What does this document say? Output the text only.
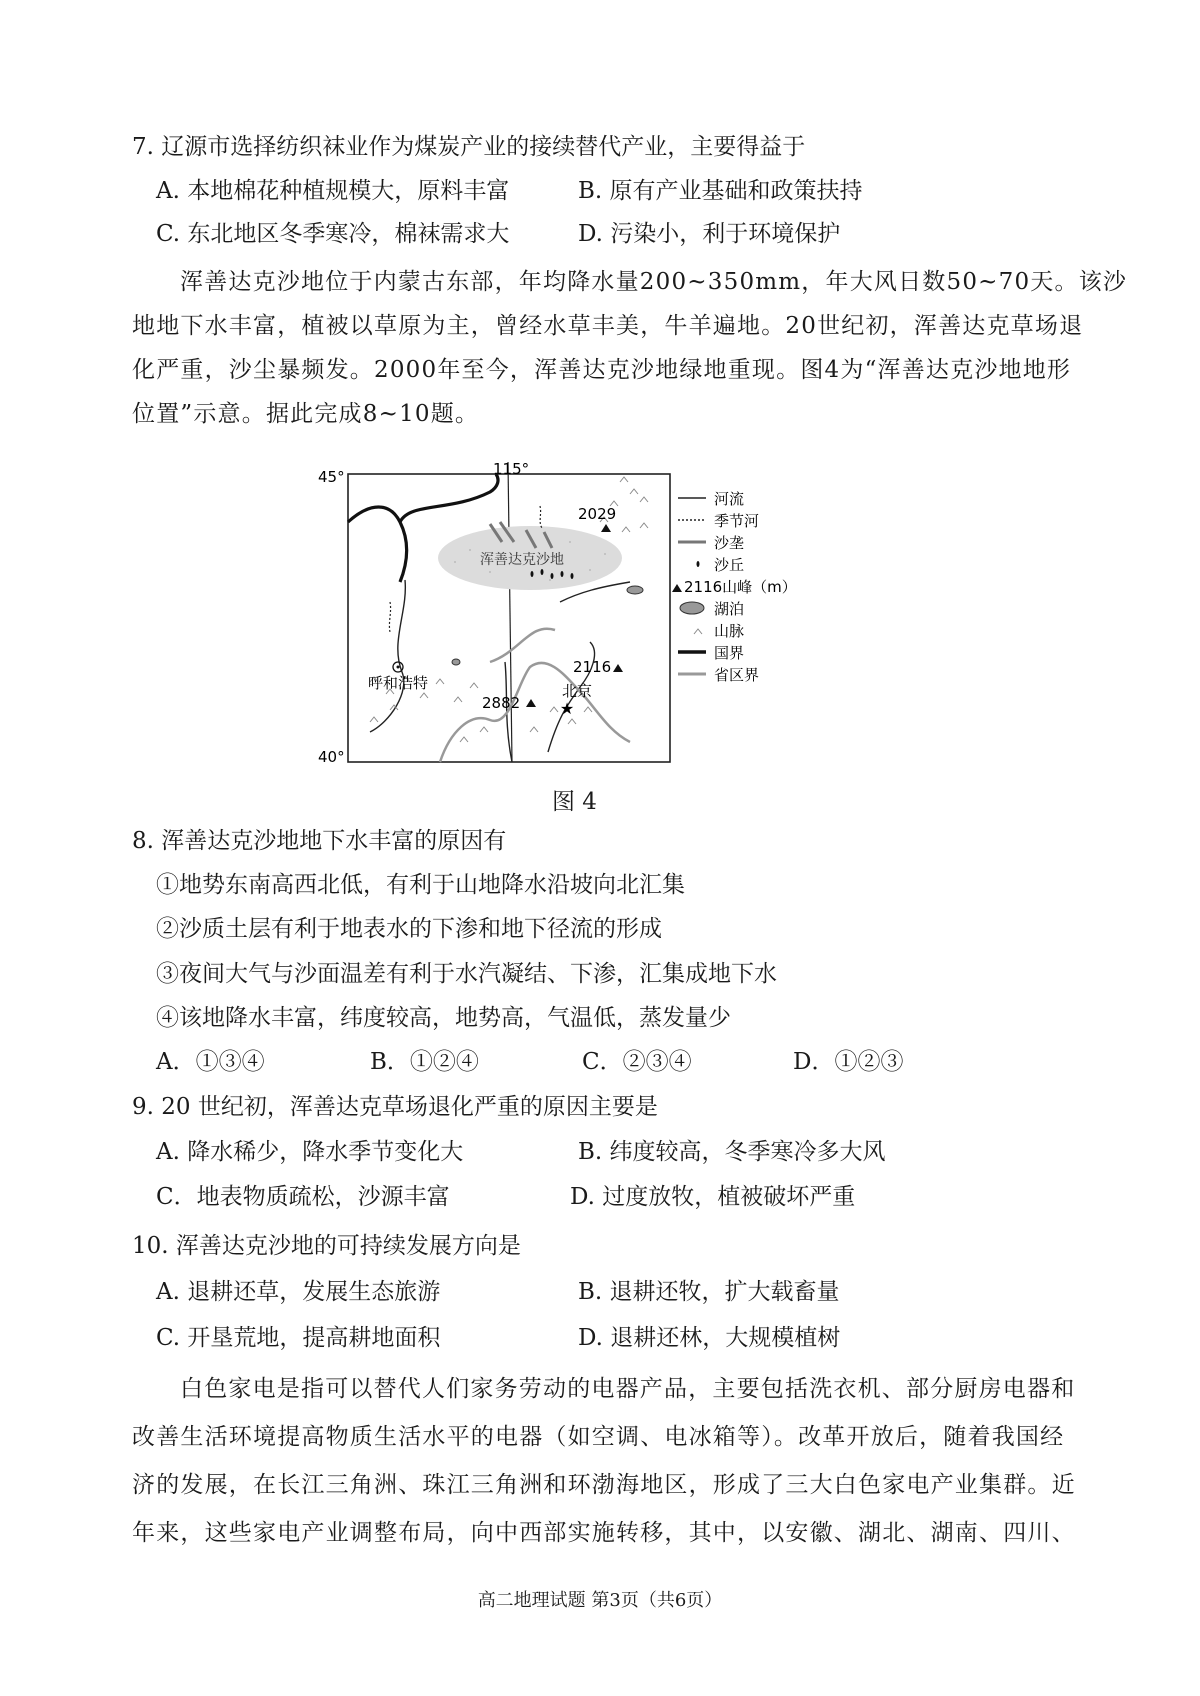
7. 辽源市选择纺织袜业作为煤炭产业的接续替代产业，主要得益于
A. 本地棉花种植规模大，原料丰富	B. 原有产业基础和政策扶持
C. 东北地区冬季寒冷，棉袜需求大	D. 污染小，利于环境保护
浑善达克沙地位于内蒙古东部，年均降水量200~350mm，年大风日数50~70天。该沙
地地下水丰富，植被以草原为主，曾经水草丰美，牛羊遍地。20世纪初，浑善达克草场退
化严重，沙尘暴频发。2000年至今，浑善达克沙地绿地重现。图4为“浑善达克沙地地形
位置”示意。据此完成8~10题。
115°
45°
40°
浑善达克沙地
2029
2116
2882
呼和浩特	北京
★
河流
季节河
沙垄
沙丘
2116山峰（m）
湖泊
山脉
国界
省区界
图 4
8. 浑善达克沙地地下水丰富的原因有
①地势东南高西北低，有利于山地降水沿坡向北汇集
②沙质土层有利于地表水的下渗和地下径流的形成
③夜间大气与沙面温差有利于水汽凝结、下渗，汇集成地下水
④该地降水丰富，纬度较高，地势高，气温低，蒸发量少
A．①③④	B．①②④	C．②③④	D．①②③
9. 20 世纪初，浑善达克草场退化严重的原因主要是
A. 降水稀少，降水季节变化大	B. 纬度较高，冬季寒冷多大风
C．地表物质疏松，沙源丰富	D. 过度放牧，植被破坏严重
10. 浑善达克沙地的可持续发展方向是
A. 退耕还草，发展生态旅游	B. 退耕还牧，扩大载畜量
C. 开垦荒地，提高耕地面积	D. 退耕还林，大规模植树
白色家电是指可以替代人们家务劳动的电器产品，主要包括洗衣机、部分厨房电器和
改善生活环境提高物质生活水平的电器（如空调、电冰箱等）。改革开放后，随着我国经
济的发展，在长江三角洲、珠江三角洲和环渤海地区，形成了三大白色家电产业集群。近
年来，这些家电产业调整布局，向中西部实施转移，其中，以安徽、湖北、湖南、四川、
高二地理试题 第3页（共6页）
